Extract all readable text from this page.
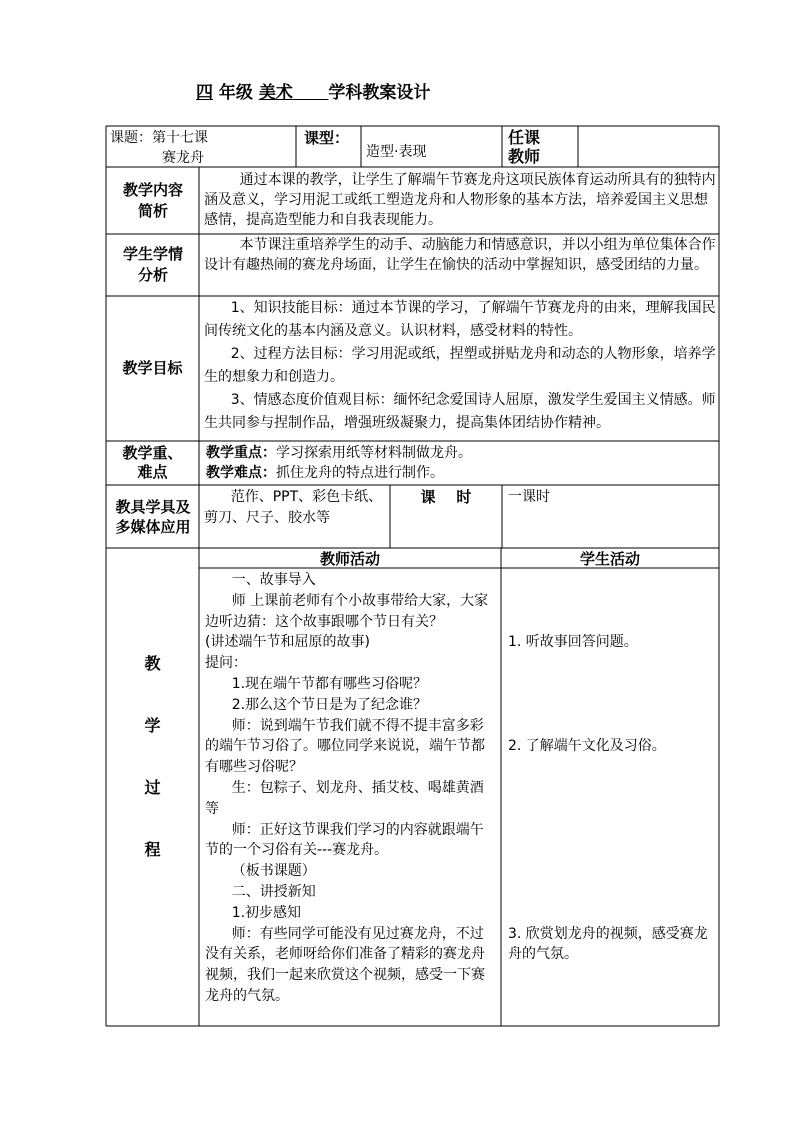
四 年级 美术 学科教案设计
课题：第十七课
赛龙舟
课型：
造型·表现
任课
教师
教学内容简析
通过本课的教学，让学生了解端午节赛龙舟这项民族体育运动所具有的独特内涵及意义，学习用泥工或纸工塑造龙舟和人物形象的基本方法，培养爱国主义思想感情，提高造型能力和自我表现能力。
学生学情分析
本节课注重培养学生的动手、动脑能力和情感意识，并以小组为单位集体合作设计有趣热闹的赛龙舟场面，让学生在愉快的活动中掌握知识，感受团结的力量。
教学目标
1、知识技能目标：通过本节课的学习，了解端午节赛龙舟的由来，理解我国民间传统文化的基本内涵及意义。认识材料，感受材料的特性。
2、过程方法目标：学习用泥或纸，捏塑或拼贴龙舟和动态的人物形象，培养学生的想象力和创造力。
3、情感态度价值观目标：缅怀纪念爱国诗人屈原，激发学生爱国主义情感。师生共同参与捏制作品，增强班级凝聚力，提高集体团结协作精神。
教学重、
难点
教学重点：学习探索用纸等材料制做龙舟。
教学难点：抓住龙舟的特点进行制作。
教具学具及多媒体应用
范作、PPT、彩色卡纸、剪刀、尺子、胶水等
课    时	一课时
教
学
过
程
教师活动	学生活动
一、故事导入
师 上课前老师有个小故事带给大家，大家边听边猜：这个故事跟哪个节日有关？
(讲述端午节和屈原的故事)
提问：
1.现在端午节都有哪些习俗呢？
2.那么这个节日是为了纪念谁？
师：说到端午节我们就不得不提丰富多彩的端午节习俗了。哪位同学来说说，端午节都有哪些习俗呢？
生：包粽子、划龙舟、插艾枝、喝雄黄酒等
师：正好这节课我们学习的内容就跟端午节的一个习俗有关---赛龙舟。
（板书课题）
二、讲授新知
1.初步感知
师：有些同学可能没有见过赛龙舟，不过没有关系，老师呀给你们准备了精彩的赛龙舟视频，我们一起来欣赏这个视频，感受一下赛龙舟的气氛。
1. 听故事回答问题。
2. 了解端午文化及习俗。
3. 欣赏划龙舟的视频，感受赛龙舟的气氛。
